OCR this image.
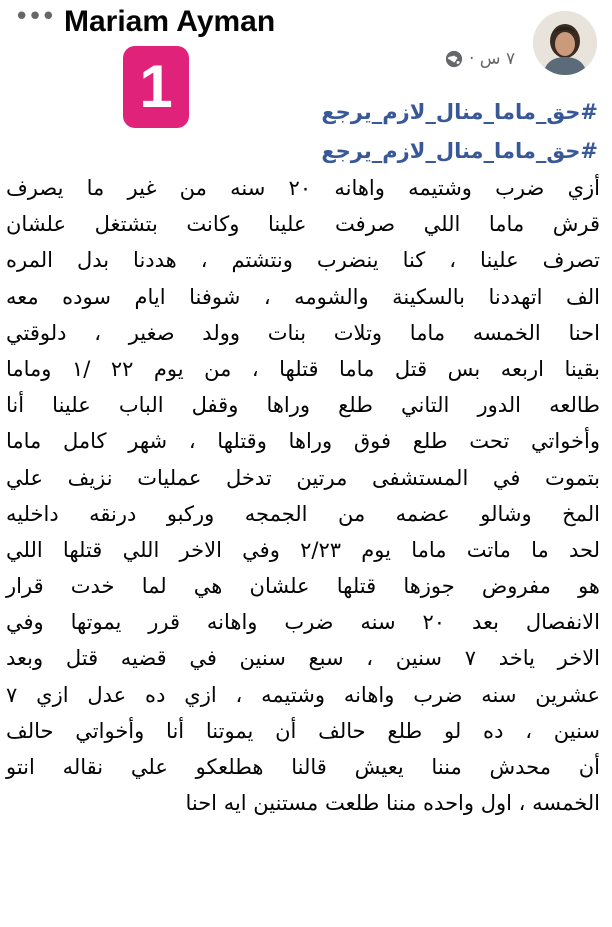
••• Mariam Ayman
٧ س ·
1	#حق_ماما_منال_لازم_يرجع
#حق_ماما_منال_لازم_يرجع
أزي ضرب وشتيمه واهانه ٢٠ سنه من غير ما يصرف
قرش ماما اللي صرفت علينا وكانت بتشتغل علشان
تصرف علينا ، كنا ينضرب ونتشتم ، هددنا بدل المره
الف اتهددنا بالسكينة والشومه ، شوفنا ايام سوده معه
احنا الخمسه ماما وتلات بنات وولد صغير ، دلوقتي
بقينا اربعه بس قتل ماما قتلها ، من يوم ٢٢ /١ وماما
طالعه الدور التاني طلع وراها وقفل الباب علينا أنا
وأخواتي تحت طلع فوق وراها وقتلها ، شهر كامل ماما
بتموت في المستشفى مرتين تدخل عمليات نزيف علي
المخ وشالو عضمه من الجمجه وركبو درنقه داخليه
لحد ما ماتت ماما يوم ٢/٢٣ وفي الاخر اللي قتلها اللي
هو مفروض جوزها قتلها علشان هي لما خدت قرار
الانفصال بعد ٢٠ سنه ضرب واهانه قرر يموتها وفي
الاخر ياخد ٧ سنين ، سبع سنين في قضيه قتل وبعد
عشرين سنه ضرب واهانه وشتيمه ، ازي ده عدل ازي ٧
سنين ، ده لو طلع حالف أن يموتنا أنا وأخواتي حالف
أن محدش مننا يعيش قالنا هطلعكو علي نقاله انتو
الخمسه ، اول واحده مننا طلعت مستنين ايه احنا
